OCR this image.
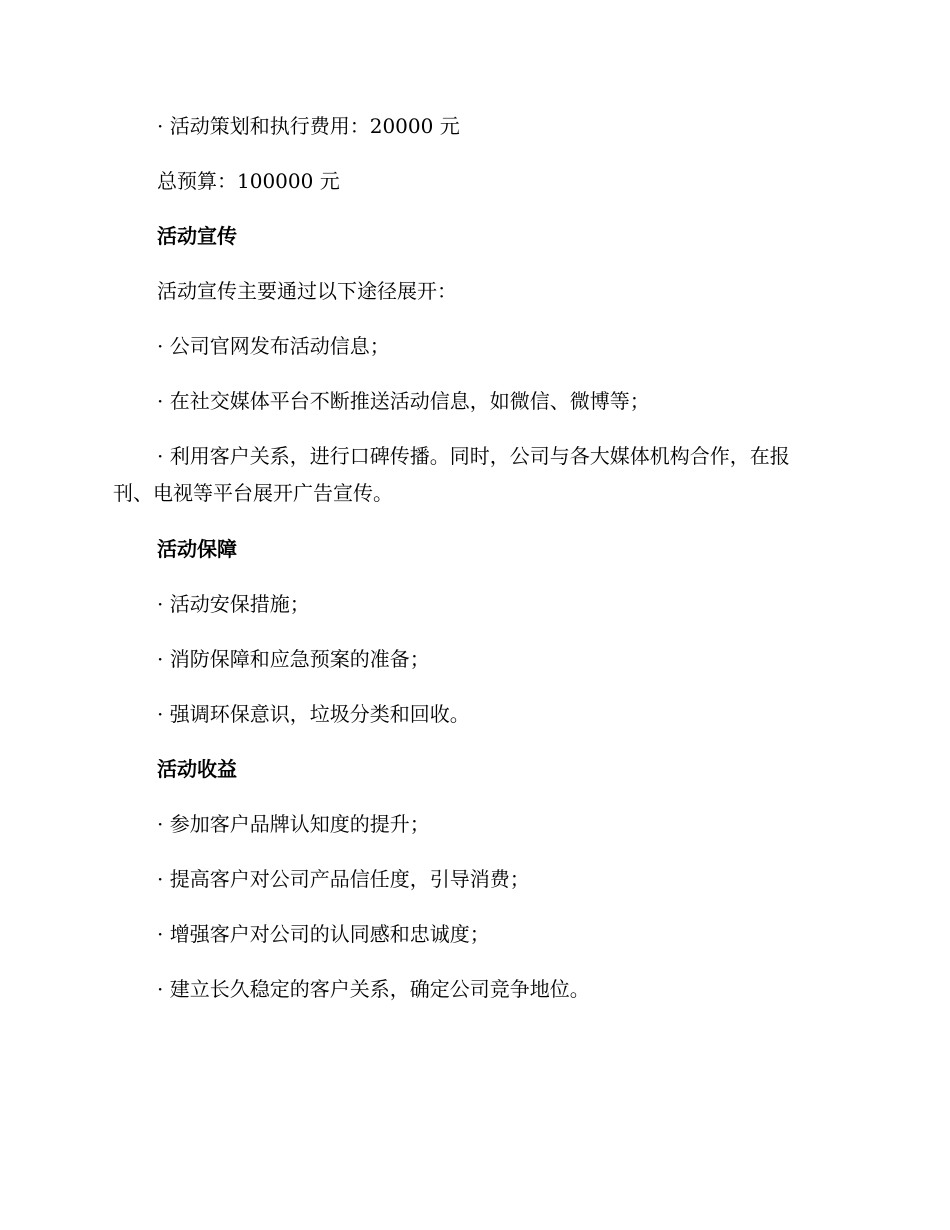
· 活动策划和执行费用：20000 元

总预算：100000 元

活动宣传

活动宣传主要通过以下途径展开：

· 公司官网发布活动信息；

· 在社交媒体平台不断推送活动信息，如微信、微博等；

· 利用客户关系，进行口碑传播。同时，公司与各大媒体机构合作，在报刊、电视等平台展开广告宣传。

活动保障

· 活动安保措施；

· 消防保障和应急预案的准备；

· 强调环保意识，垃圾分类和回收。

活动收益

· 参加客户品牌认知度的提升；

· 提高客户对公司产品信任度，引导消费；

· 增强客户对公司的认同感和忠诚度；

· 建立长久稳定的客户关系，确定公司竞争地位。
